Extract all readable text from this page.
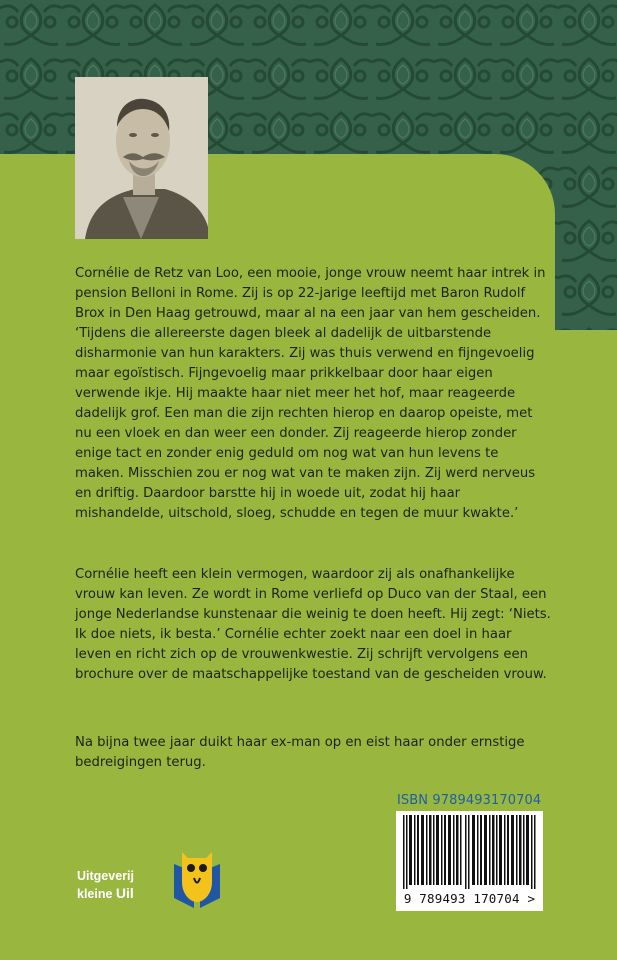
Cornélie de Retz van Loo, een mooie, jonge vrouw neemt haar intrek in pension Belloni in Rome. Zij is op 22-jarige leeftijd met Baron Rudolf Brox in Den Haag getrouwd, maar al na een jaar van hem gescheiden. ‘Tijdens die allereerste dagen bleek al dadelijk de uitbarstende disharmonie van hun karakters. Zij was thuis verwend en fijngevoelig maar egoïstisch. Fijngevoelig maar prikkelbaar door haar eigen verwende ikje. Hij maakte haar niet meer het hof, maar reageerde dadelijk grof. Een man die zijn rechten hierop en daarop opeiste, met nu een vloek en dan weer een donder. Zij reageerde hierop zonder enige tact en zonder enig geduld om nog wat van hun levens te maken. Misschien zou er nog wat van te maken zijn. Zij werd nerveus en driftig. Daardoor barstte hij in woede uit, zodat hij haar mishandelde, uitschold, sloeg, schudde en tegen de muur kwakte.’

Cornélie heeft een klein vermogen, waardoor zij als onafhankelijke vrouw kan leven. Ze wordt in Rome verliefd op Duco van der Staal, een jonge Nederlandse kunstenaar die weinig te doen heeft. Hij zegt: ‘Niets. Ik doe niets, ik besta.’ Cornélie echter zoekt naar een doel in haar leven en richt zich op de vrouwenkwestie. Zij schrijft vervolgens een brochure over de maatschappelijke toestand van de gescheiden vrouw.

Na bijna twee jaar duikt haar ex-man op en eist haar onder ernstige bedreigingen terug.

ISBN 9789493170704
9 789493 170704 >
Uitgeverij
kleine Uil
